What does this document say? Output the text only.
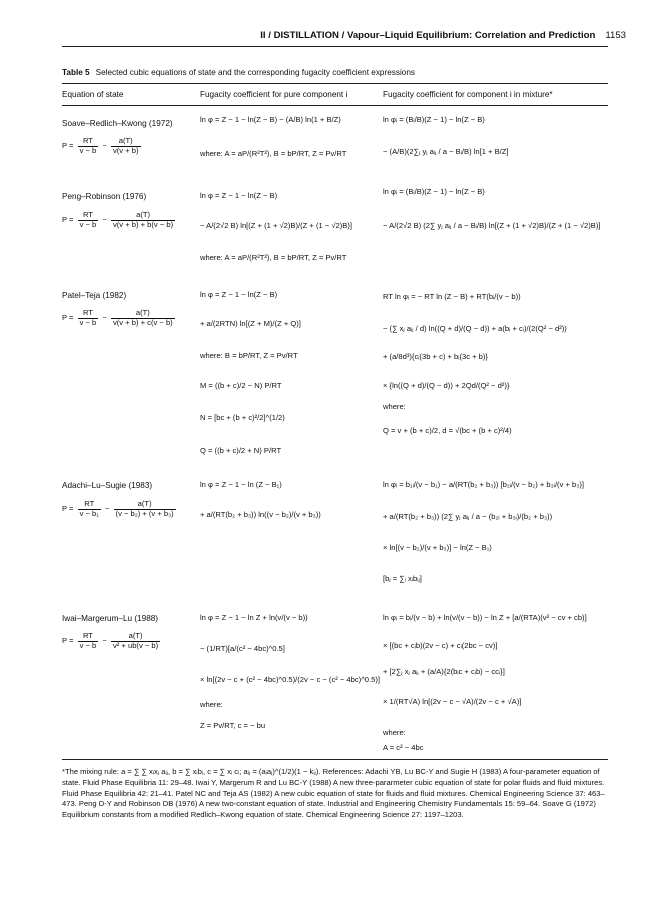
II / DISTILLATION / Vapour–Liquid Equilibrium: Correlation and Prediction 1153
Table 5 Selected cubic equations of state and the corresponding fugacity coefficient expressions
Equation of state	Fugacity coefficient for pure component i	Fugacity coefficient for component i in mixture*
Soave–Redlich–Kwong (1972)
$P = \frac{RT}{v - b} - \frac{a(T)}{v(v + b)}$
ln φ = Z − 1 − ln(Z − B) − (A/B) ln(1 + B/Z)
where: A = aP/(R²T²), B = bP/RT, Z = Pv/RT
ln φᵢ = (Bᵢ/B)(Z − 1) − ln(Z − B)
− (A/B)(2∑ⱼ yⱼ aᵢⱼ / a − Bᵢ/B) ln[1 + B/Z]
Peng–Robinson (1976)
$P = \frac{RT}{v - b} - \frac{a(T)}{v(v + b) + b(v - b)}$
ln φ = Z − 1 − ln(Z − B)
− A/(2√2 B) ln[(Z + (1 + √2)B)/(Z + (1 − √2)B)]
where: A = aP/(R²T²), B = bP/RT, Z = Pv/RT
ln φᵢ = (Bᵢ/B)(Z − 1) − ln(Z − B)
− A/(2√2 B) (2∑ yⱼ aᵢⱼ / a − Bᵢ/B) ln[(Z + (1 + √2)B)/(Z + (1 − √2)B)]
Patel–Teja (1982)
$P = \frac{RT}{v - b} - \frac{a(T)}{v(v + b) + c(v - b)}$
ln φ = Z − 1 − ln(Z − B)
+ a/(2RTN) ln[(Z + M)/(Z + Q)]
where: B = bP/RT, Z = Pv/RT
M = ((b + c)/2 − N) P/RT
N = [bc + (b + c)²/2]^(1/2)
Q = ((b + c)/2 + N) P/RT
RT ln φᵢ = − RT ln (Z − B) + RT(bᵢ/(v − b))
− (∑ xⱼ aᵢⱼ / d) ln((Q + d)/(Q − d)) + a(bᵢ + cᵢ)/(2(Q² − d²))
+ (a/8d³){cᵢ(3b + c) + bᵢ(3c + b)}
× {ln((Q + d)/(Q − d)) + 2Qd/(Q² − d²)}
where:
Q = v + (b + c)/2, d = √(bc + (b + c)²/4)
Adachi–Lu–Sugie (1983)
$P = \frac{RT}{\text{v − b₁}} - \frac{a(T)}{\text{(v − b₂) + (v + b₃)}}$
ln φ = Z − 1 − ln (Z − B₁)
+ a/(RT(b₂ + b₃)) ln((v − b₂)/(v + b₃))
ln φᵢ = b₁ᵢ/(v − b₁) − a/(RT(b₂ + b₃)) [b₂ᵢ/(v − b₂) + b₃ᵢ/(v + b₃)]
+ a/(RT(b₂ + b₃)) (2∑ yⱼ aᵢⱼ / a − (b₂ᵢ + b₃ᵢ)/(b₂ + b₃))
× ln[(v − b₂)/(v + b₃)] − ln(Z − B₁)
[bⱼ = ∑ᵢ xᵢbᵢⱼ]
Iwai–Margerum–Lu (1988)
$P = \frac{RT}{v - b} - \frac{a(T)}{\text{v² + ub(v − b)}}$
ln φ = Z − 1 − ln Z + ln(v/(v − b))
− (1/RT)[a/(c² − 4bc)^0.5]
× ln[(2v − c + (c² − 4bc)^0.5)/(2v − c − (c² − 4bc)^0.5)]
where:
Z = Pv/RT, c = − bu
ln φᵢ = bᵢ/(v − b) + ln(v/(v − b)) − ln Z + [a/(RTA)(v² − cv + cb)]
× [(bc + cᵢb)(2v − c) + cᵢ(2bc − cv)]
+ [2∑ⱼ xⱼ aᵢⱼ + (a/A){2(bᵢc + cᵢb) − ccᵢ}]
× 1/(RT√A) ln[(2v − c − √A)/(2v − c + √A)]
where:
A = c² − 4bc
*The mixing rule: a = ∑ ∑ xᵢxⱼ aᵢⱼ, b = ∑ xᵢbᵢ, c = ∑ xᵢ cᵢ; aᵢⱼ = (aᵢaⱼ)^(1/2)(1 − kᵢⱼ). References: Adachi YB, Lu BC-Y and Sugie H (1983) A four-parameter equation of state. Fluid Phase Equilibria 11: 29–48. Iwai Y, Margerum R and Lu BC-Y (1988) A new three-pararmeter cubic equation of state for polar fluids and fluid mixtures. Fluid Phase Equilibria 42: 21–41. Patel NC and Teja AS (1982) A new cubic equation of state for fluids and fluid mixtures. Chemical Engineering Science 37: 463–473. Peng D-Y and Robinson DB (1976) A new two-constant equation of state. Industrial and Engineering Chemistry Fundamentals 15: 59–64. Soave G (1972) Equilibrium constants from a modified Redlich–Kwong equation of state. Chemical Engineering Science 27: 1197–1203.
